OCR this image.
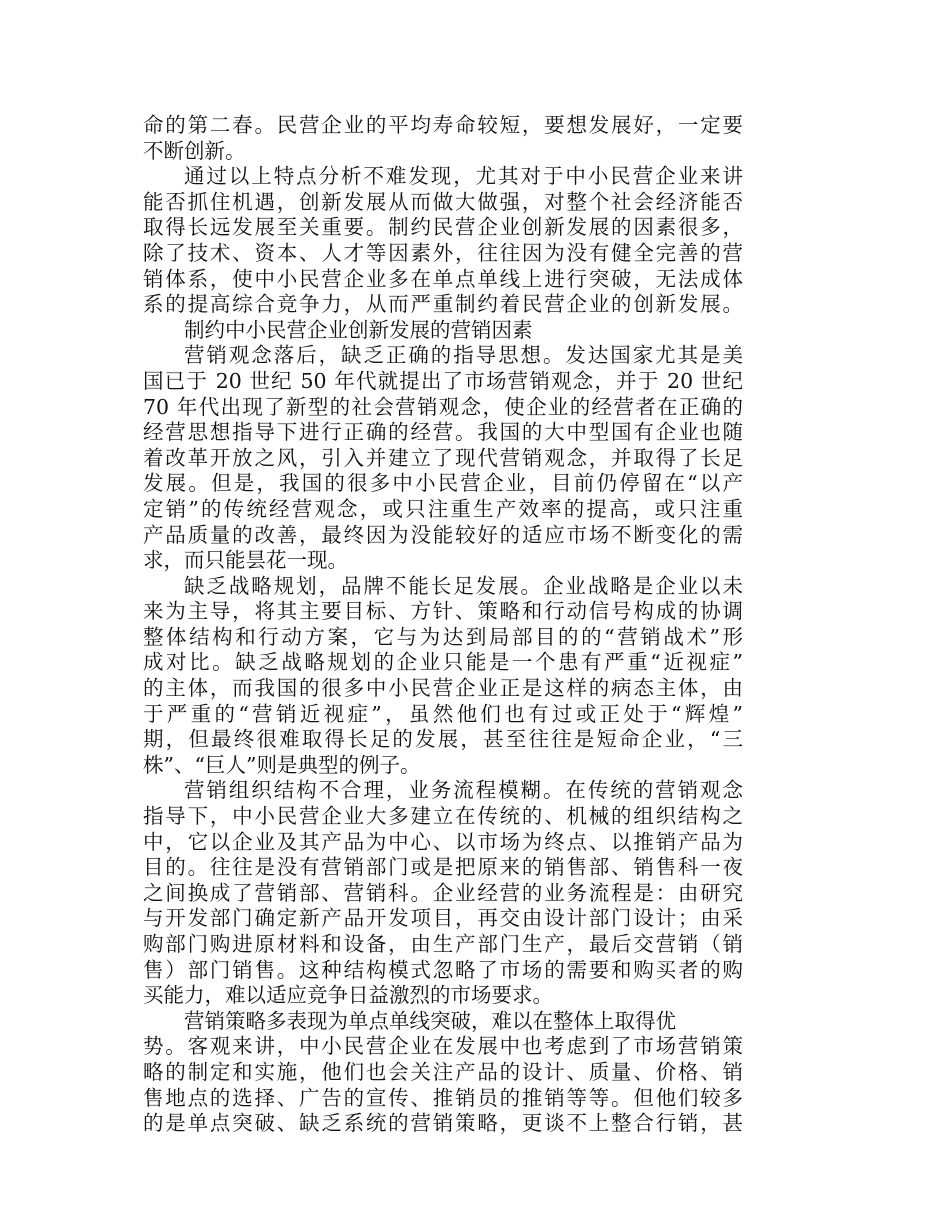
命的第二春。民营企业的平均寿命较短，要想发展好，一定要
不断创新。
通过以上特点分析不难发现，尤其对于中小民营企业来讲
能否抓住机遇，创新发展从而做大做强，对整个社会经济能否
取得长远发展至关重要。制约民营企业创新发展的因素很多，
除了技术、资本、人才等因素外，往往因为没有健全完善的营
销体系，使中小民营企业多在单点单线上进行突破，无法成体
系的提高综合竞争力，从而严重制约着民营企业的创新发展。
制约中小民营企业创新发展的营销因素
营销观念落后，缺乏正确的指导思想。发达国家尤其是美
国已于 20 世纪 50 年代就提出了市场营销观念，并于 20 世纪
70 年代出现了新型的社会营销观念，使企业的经营者在正确的
经营思想指导下进行正确的经营。我国的大中型国有企业也随
着改革开放之风，引入并建立了现代营销观念，并取得了长足
发展。但是，我国的很多中小民营企业，目前仍停留在“以产
定销”的传统经营观念，或只注重生产效率的提高，或只注重
产品质量的改善，最终因为没能较好的适应市场不断变化的需
求，而只能昙花一现。
缺乏战略规划，品牌不能长足发展。企业战略是企业以未
来为主导，将其主要目标、方针、策略和行动信号构成的协调
整体结构和行动方案，它与为达到局部目的的“营销战术”形
成对比。缺乏战略规划的企业只能是一个患有严重“近视症”
的主体，而我国的很多中小民营企业正是这样的病态主体，由
于严重的“营销近视症”，虽然他们也有过或正处于“辉煌”
期，但最终很难取得长足的发展，甚至往往是短命企业，“三
株”、“巨人”则是典型的例子。
营销组织结构不合理，业务流程模糊。在传统的营销观念
指导下，中小民营企业大多建立在传统的、机械的组织结构之
中，它以企业及其产品为中心、以市场为终点、以推销产品为
目的。往往是没有营销部门或是把原来的销售部、销售科一夜
之间换成了营销部、营销科。企业经营的业务流程是：由研究
与开发部门确定新产品开发项目，再交由设计部门设计；由采
购部门购进原材料和设备，由生产部门生产，最后交营销（销
售）部门销售。这种结构模式忽略了市场的需要和购买者的购
买能力，难以适应竞争日益激烈的市场要求。
营销策略多表现为单点单线突破，难以在整体上取得优
势。客观来讲，中小民营企业在发展中也考虑到了市场营销策
略的制定和实施，他们也会关注产品的设计、质量、价格、销
售地点的选择、广告的宣传、推销员的推销等等。但他们较多
的是单点突破、缺乏系统的营销策略，更谈不上整合行销，甚
